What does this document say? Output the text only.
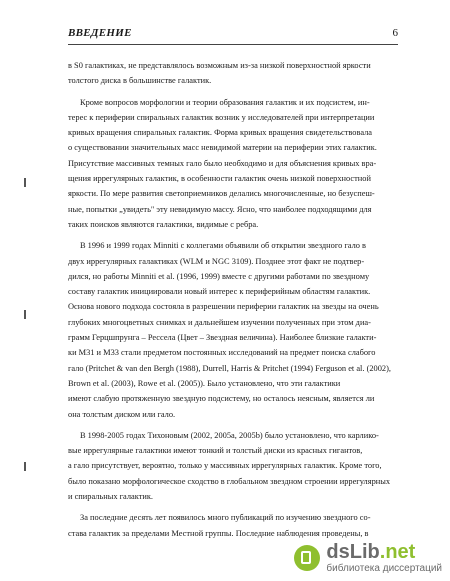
ВВЕДЕНИЕ	6
в S0 галактиках, не представлялось возможным из-за низкой поверхностной яркости
толстого диска в большинстве галактик.
Кроме вопросов морфологии и теории образования галактик и их подсистем, ин-
терес к периферии спиральных галактик возник у исследователей при интерпретации
кривых вращения спиральных галактик. Форма кривых вращения свидетельствовала
о существовании значительных масс невидимой материи на периферии этих галактик.
Присутствие массивных темных гало было необходимо и для объяснения кривых вра-
щения иррегулярных галактик, в особенности галактик очень низкой поверхностной
яркости. По мере развития светоприемников делались многочисленные, но безуспеш-
ные, попытки „увидеть" эту невидимую массу. Ясно, что наиболее подходящими для
таких поисков являются галактики, видимые с ребра.
В 1996 и 1999 годах Minniti с коллегами объявили об открытии звездного гало в
двух иррегулярных галактиках (WLM и NGC 3109). Позднее этот факт не подтвер-
дился, но работы Minniti et al. (1996, 1999) вместе с другими работами по звездному
составу галактик инициировали новый интерес к периферийным областям галактик.
Основа нового подхода состояла в разрешении периферии галактик на звезды на очень
глубоких многоцветных снимках и дальнейшем изучении полученных при этом диа-
грамм Герцшпрунга – Рессела (Цвет – Звездная величина). Наиболее близкие галакти-
ки M31 и M33 стали предметом постоянных исследований на предмет поиска слабого
гало (Pritchet & van den Bergh (1988), Durrell, Harris & Pritchet (1994) Ferguson et al. (2002),
Brown et al. (2003), Rowe et al. (2005)). Было установлено, что эти галактики
имеют слабую протяженную звездную подсистему, но осталось неясным, является ли
она толстым диском или гало.
В 1998-2005 годах Тихоновым (2002, 2005a, 2005b) было установлено, что карлико-
вые иррегулярные галактики имеют тонкий и толстый диски из красных гигантов,
а гало присутствует, вероятно, только у массивных иррегулярных галактик. Кроме того,
было показано морфологическое сходство в глобальном звездном строении иррегулярных
и спиральных галактик.
За последние десять лет появилось много публикаций по изучению звездного со-
става галактик за пределами Местной группы. Последние наблюдения проведены, в
dsLib.net
библиотека диссертаций
